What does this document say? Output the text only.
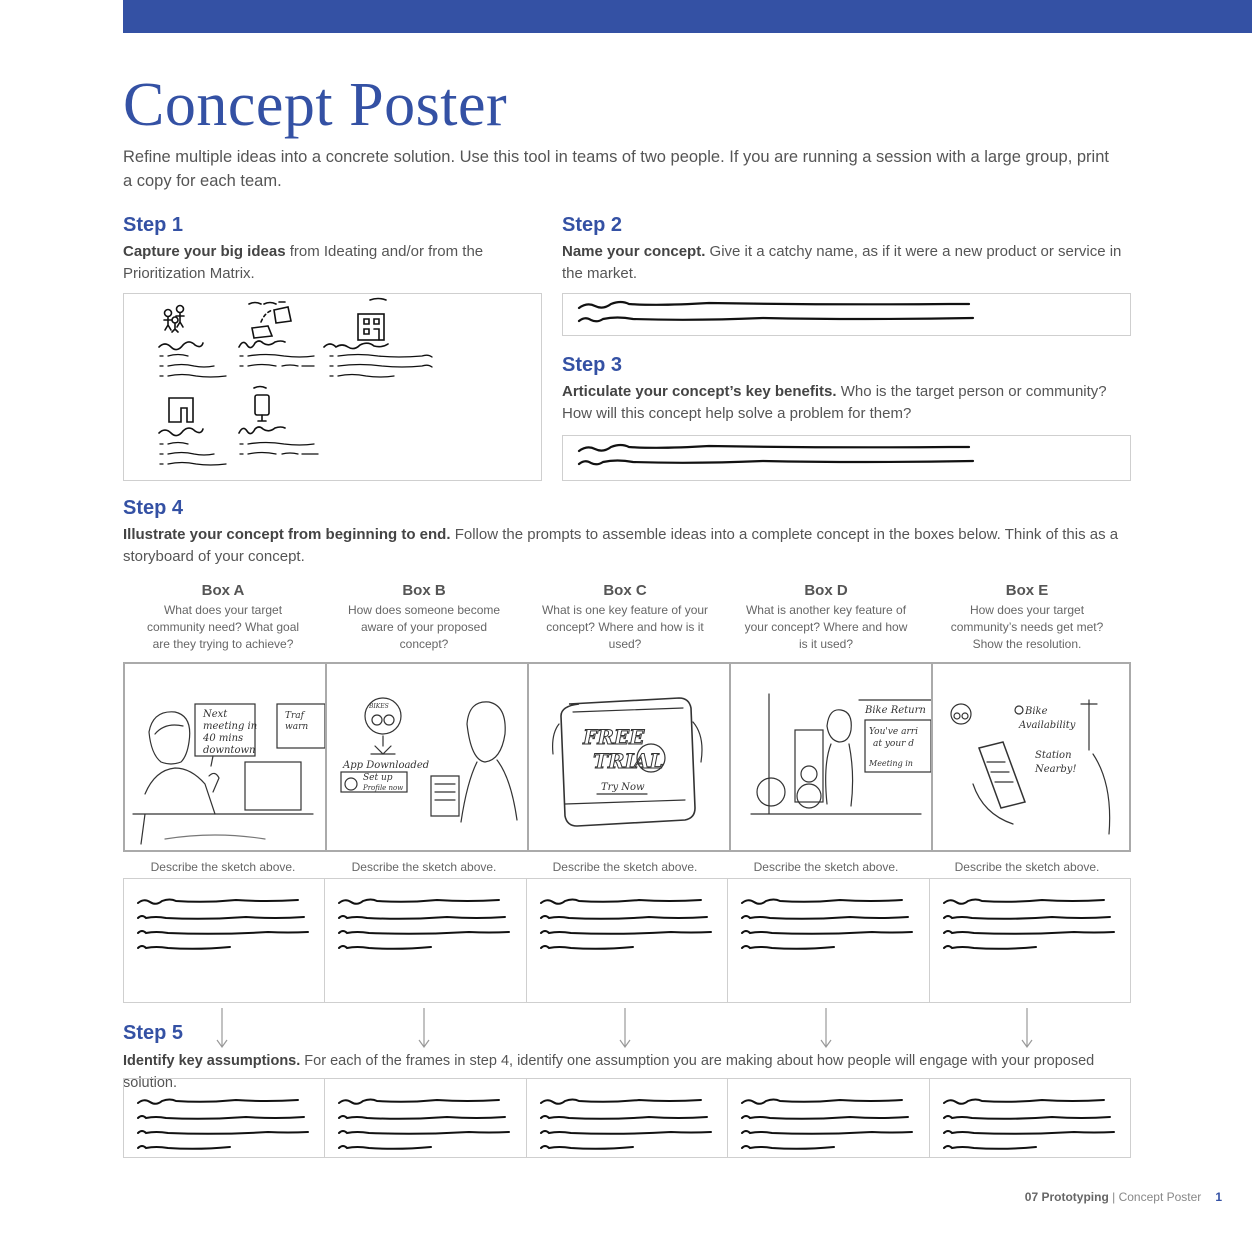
Concept Poster
Refine multiple ideas into a concrete solution. Use this tool in teams of two people. If you are running a session with a large group, print a copy for each team.
Step 1
Capture your big ideas from Ideating and/or from the Prioritization Matrix.
Step 2
Name your concept. Give it a catchy name, as if it were a new product or service in the market.
Step 3
Articulate your concept’s key benefits. Who is the target person or community? How will this concept help solve a problem for them?
Step 4
Illustrate your concept from beginning to end. Follow the prompts to assemble ideas into a complete concept in the boxes below. Think of this as a storyboard of your concept.
Box A
What does your target community need? What goal are they trying to achieve?
Box B
How does someone become aware of your proposed concept?
Box C
What is one key feature of your concept? Where and how is it used?
Box D
What is another key feature of your concept? Where and how is it used?
Box E
How does your target community’s needs get met? Show the resolution.
Next
meeting in
40 mins
downtown
Traf
warn
BIKES
App Downloaded
Set up
Profile now
FREE
TRIAL
Try Now
Bike Return
You've arri
at your d
Meeting in
Bike
Availability
Station
Nearby!
Describe the sketch above.	Describe the sketch above.	Describe the sketch above.	Describe the sketch above.	Describe the sketch above.
Step 5
Identify key assumptions. For each of the frames in step 4, identify one assumption you are making about how people will engage with your proposed solution.
07 Prototyping | Concept Poster 1
